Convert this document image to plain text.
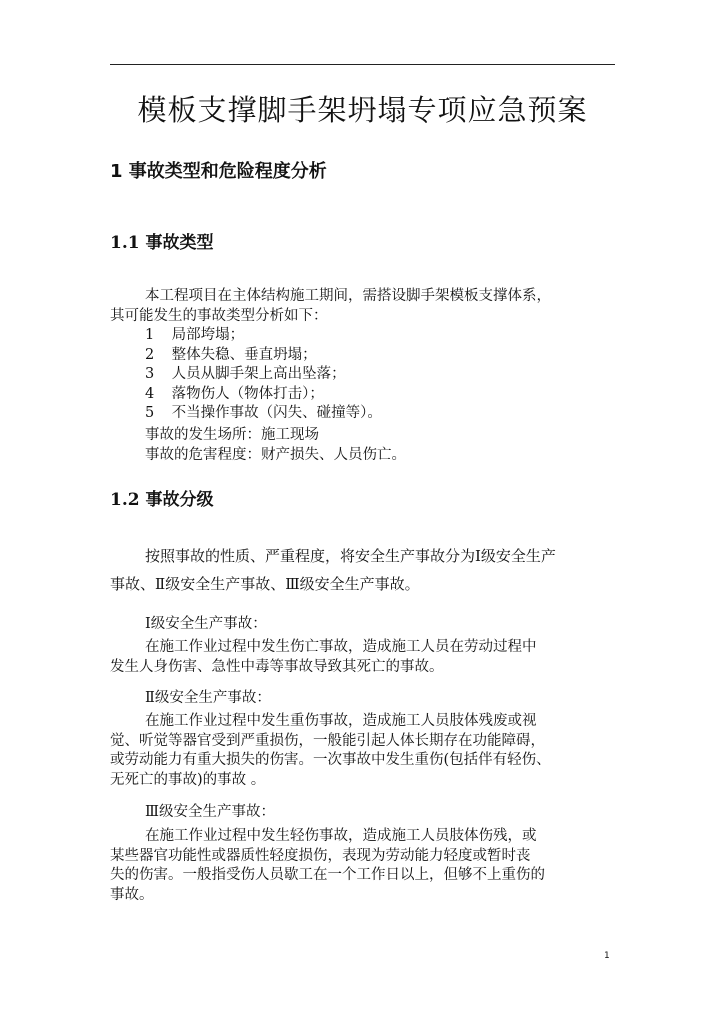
模板支撑脚手架坍塌专项应急预案
1 事故类型和危险程度分析
1.1 事故类型
本工程项目在主体结构施工期间，需搭设脚手架模板支撑体系，
其可能发生的事故类型分析如下：
1 局部垮塌；
2 整体失稳、垂直坍塌；
3 人员从脚手架上高出坠落；
4 落物伤人（物体打击）；
5 不当操作事故（闪失、碰撞等）。
事故的发生场所：施工现场
事故的危害程度：财产损失、人员伤亡。
1.2 事故分级
按照事故的性质、严重程度，将安全生产事故分为Ⅰ级安全生产
事故、Ⅱ级安全生产事故、Ⅲ级安全生产事故。
Ⅰ级安全生产事故：
在施工作业过程中发生伤亡事故，造成施工人员在劳动过程中
发生人身伤害、急性中毒等事故导致其死亡的事故。
Ⅱ级安全生产事故：
在施工作业过程中发生重伤事故，造成施工人员肢体残废或视
觉、听觉等器官受到严重损伤，一般能引起人体长期存在功能障碍，
或劳动能力有重大损失的伤害。一次事故中发生重伤(包括伴有轻伤、
无死亡的事故)的事故 。
Ⅲ级安全生产事故：
在施工作业过程中发生轻伤事故，造成施工人员肢体伤残，或
某些器官功能性或器质性轻度损伤，表现为劳动能力轻度或暂时丧
失的伤害。一般指受伤人员歇工在一个工作日以上，但够不上重伤的
事故。
1
